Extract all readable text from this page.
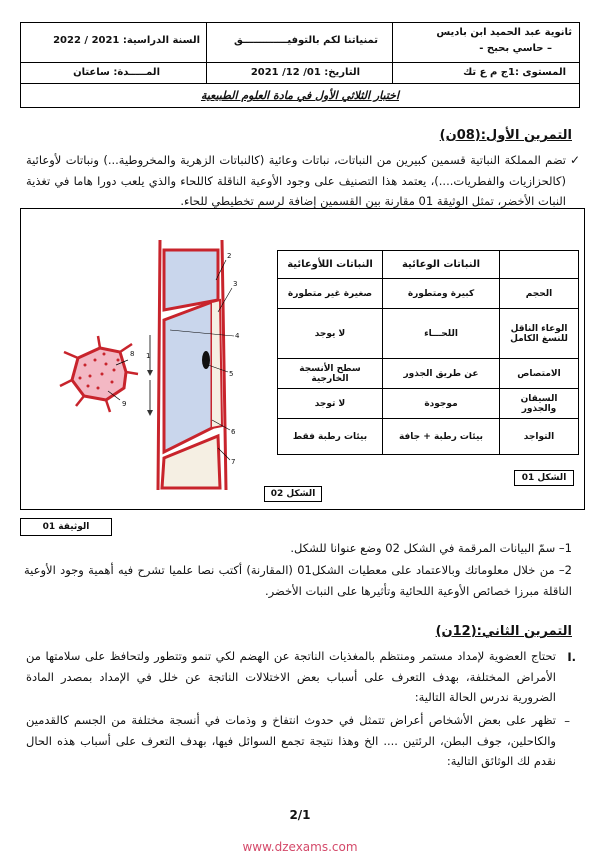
ثانوية عبد الحميد ابن باديس
– حاسي بحبح -
تمنياتنا لكم بالتوفيـــــــــــــق
السنة الدراسية: 2021 / 2022
المستوى :1ج م ع تك
التاريخ: 01/ 12/ 2021
المـــــدة: ساعتان
اختبار الثلاثي الأول في مادة العلوم الطبيعية
التمرين الأول:(08ن)
✓
تضم المملكة النباتية قسمين كبيرين من النباتات، نباتات وعائية (كالنباتات الزهرية والمخروطية...) ونباتات لأوعائية (كالحزازيات والفطريات....)، يعتمد هذا التصنيف على وجود الأوعية الناقلة كاللحاء والذي يلعب دورا هاما في تغذية النبات الأخضر، تمثل الوثيقة 01 مقارنة بين القسمين إضافة لرسم تخطيطي للحاء.
1
2
3
4
5
6
7
8
9
الشكل 02
الشكل 01
الوثيقة 01
	النباتات الوعائية	النباتات اللأوعائية
الحجم	كبيرة ومتطورة	صغيرة غير متطورة
الوعاء الناقل للنسغ الكامل	اللحـــاء	لا يوجد
الامتصاص	عن طريق الجذور	سطح الأنسجة الخارجية
السيقان والجذور	موجودة	لا توجد
التواجد	بيئات رطبة + جافة	بيئات رطبة فقط
1– سمّ البيانات المرقمة في الشكل 02 وضع عنوانا للشكل.
2– من خلال معلوماتك وبالاعتماد على معطيات الشكل01 (المقارنة) أكتب نصا علميا تشرح فيه أهمية وجود الأوعية الناقلة مبرزا خصائص الأوعية اللحائية وتأثيرها على النبات الأخضر.
التمرين الثاني:(12ن)
I.
تحتاج العضوية لإمداد مستمر ومنتظم بالمغذيات الناتجة عن الهضم لكي تنمو وتتطور ولتحافظ على سلامتها من الأمراض المختلفة، بهدف التعرف على أسباب بعض الاختلالات الناتجة عن خلل في الإمداد بمصدر المادة الضرورية ندرس الحالة التالية:
–
تظهر على بعض الأشخاص أعراض تتمثل في حدوث انتفاخ و وذمات في أنسجة مختلفة من الجسم كالقدمين والكاحلين، جوف البطن، الرئتين .... الخ وهذا نتيجة تجمع السوائل فيها، بهدف التعرف على أسباب هذه الحال نقدم لك الوثائق التالية:
2/1
www.dzexams.com
